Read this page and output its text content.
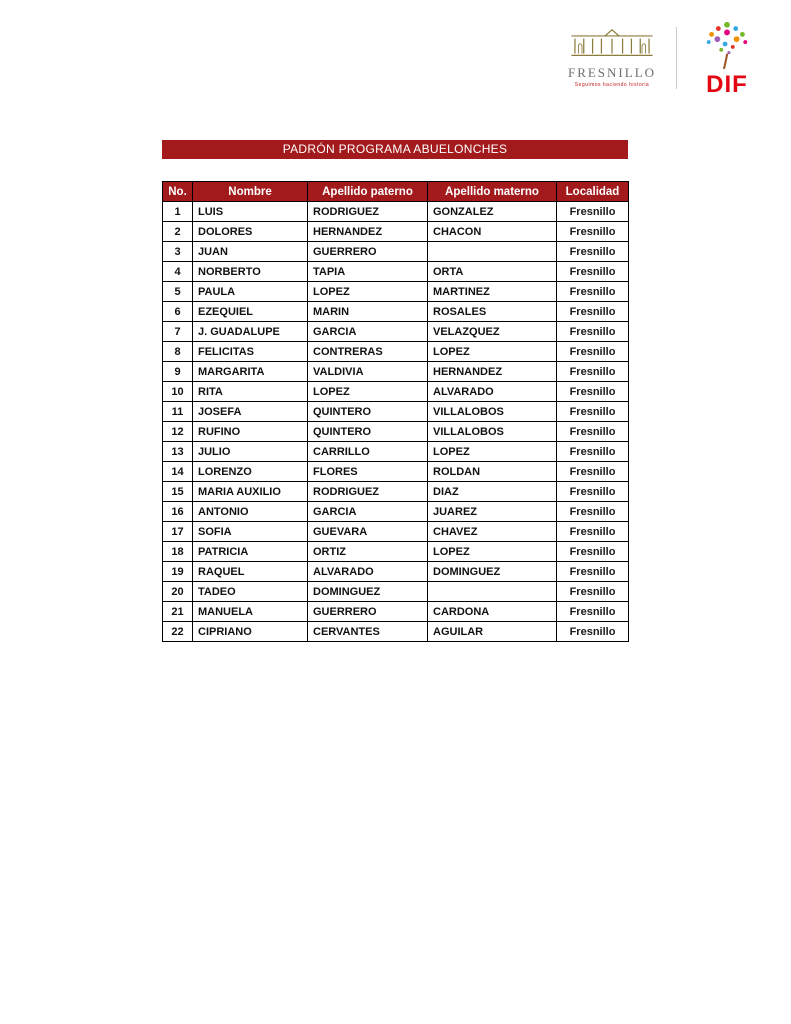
FRESNILLO
Seguimos haciendo historia	DIF
PADRÓN PROGRAMA ABUELONCHES
No.	Nombre	Apellido paterno	Apellido materno	Localidad
1	LUIS	RODRIGUEZ	GONZALEZ	Fresnillo
2	DOLORES	HERNANDEZ	CHACON	Fresnillo
3	JUAN	GUERRERO		Fresnillo
4	NORBERTO	TAPIA	ORTA	Fresnillo
5	PAULA	LOPEZ	MARTINEZ	Fresnillo
6	EZEQUIEL	MARIN	ROSALES	Fresnillo
7	J. GUADALUPE	GARCIA	VELAZQUEZ	Fresnillo
8	FELICITAS	CONTRERAS	LOPEZ	Fresnillo
9	MARGARITA	VALDIVIA	HERNANDEZ	Fresnillo
10	RITA	LOPEZ	ALVARADO	Fresnillo
11	JOSEFA	QUINTERO	VILLALOBOS	Fresnillo
12	RUFINO	QUINTERO	VILLALOBOS	Fresnillo
13	JULIO	CARRILLO	LOPEZ	Fresnillo
14	LORENZO	FLORES	ROLDAN	Fresnillo
15	MARIA AUXILIO	RODRIGUEZ	DIAZ	Fresnillo
16	ANTONIO	GARCIA	JUAREZ	Fresnillo
17	SOFIA	GUEVARA	CHAVEZ	Fresnillo
18	PATRICIA	ORTIZ	LOPEZ	Fresnillo
19	RAQUEL	ALVARADO	DOMINGUEZ	Fresnillo
20	TADEO	DOMINGUEZ		Fresnillo
21	MANUELA	GUERRERO	CARDONA	Fresnillo
22	CIPRIANO	CERVANTES	AGUILAR	Fresnillo
